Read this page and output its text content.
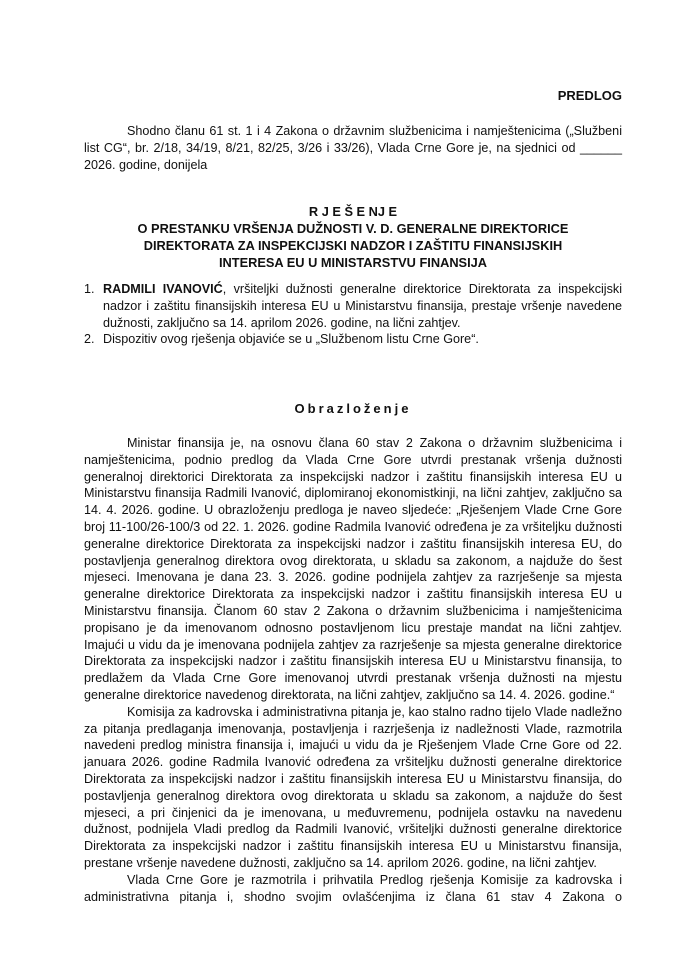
PREDLOG
Shodno članu 61 st. 1 i 4 Zakona o državnim službenicima i namještenicima („Službeni list CG“, br. 2/18, 34/19, 8/21, 82/25, 3/26 i 33/26), Vlada Crne Gore je, na sjednici od ______ 2026. godine, donijela
R J E Š E NJ E
O PRESTANKU VRŠENJA DUŽNOSTI V. D. GENERALNE DIREKTORICE
DIREKTORATA ZA INSPEKCIJSKI NADZOR I ZAŠTITU FINANSIJSKIH
INTERESA EU U MINISTARSTVU FINANSIJA
1. RADMILI IVANOVIĆ, vršiteljki dužnosti generalne direktorice Direktorata za inspekcijski nadzor i zaštitu finansijskih interesa EU u Ministarstvu finansija, prestaje vršenje navedene dužnosti, zaključno sa 14. aprilom 2026. godine, na lični zahtjev.
2. Dispozitiv ovog rješenja objaviće se u „Službenom listu Crne Gore“.
Obrazloženje

Ministar finansija je, na osnovu člana 60 stav 2 Zakona o državnim službenicima i namještenicima, podnio predlog da Vlada Crne Gore utvrdi prestanak vršenja dužnosti generalnoj direktorici Direktorata za inspekcijski nadzor i zaštitu finansijskih interesa EU u Ministarstvu finansija Radmili Ivanović, diplomiranoj ekonomistkinji, na lični zahtjev, zaključno sa 14. 4. 2026. godine. U obrazloženju predloga je naveo sljedeće: „Rješenjem Vlade Crne Gore broj 11-100/26-100/3 od 22. 1. 2026. godine Radmila Ivanović određena je za vršiteljku dužnosti generalne direktorice Direktorata za inspekcijski nadzor i zaštitu finansijskih interesa EU, do postavljenja generalnog direktora ovog direktorata, u skladu sa zakonom, a najduže do šest mjeseci. Imenovana je dana 23. 3. 2026. godine podnijela zahtjev za razrješenje sa mjesta generalne direktorice Direktorata za inspekcijski nadzor i zaštitu finansijskih interesa EU u Ministarstvu finansija. Članom 60 stav 2 Zakona o državnim službenicima i namještenicima propisano je da imenovanom odnosno postavljenom licu prestaje mandat na lični zahtjev. Imajući u vidu da je imenovana podnijela zahtjev za razrješenje sa mjesta generalne direktorice Direktorata za inspekcijski nadzor i zaštitu finansijskih interesa EU u Ministarstvu finansija, to predlažem da Vlada Crne Gore imenovanoj utvrdi prestanak vršenja dužnosti na mjestu generalne direktorice navedenog direktorata, na lični zahtjev, zaključno sa 14. 4. 2026. godine.“

Komisija za kadrovska i administrativna pitanja je, kao stalno radno tijelo Vlade nadležno za pitanja predlaganja imenovanja, postavljenja i razrješenja iz nadležnosti Vlade, razmotrila navedeni predlog ministra finansija i, imajući u vidu da je Rješenjem Vlade Crne Gore od 22. januara 2026. godine Radmila Ivanović određena za vršiteljku dužnosti generalne direktorice Direktorata za inspekcijski nadzor i zaštitu finansijskih interesa EU u Ministarstvu finansija, do postavljenja generalnog direktora ovog direktorata u skladu sa zakonom, a najduže do šest mjeseci, a pri činjenici da je imenovana, u međuvremenu, podnijela ostavku na navedenu dužnost, podnijela Vladi predlog da Radmili Ivanović, vršiteljki dužnosti generalne direktorice Direktorata za inspekcijski nadzor i zaštitu finansijskih interesa EU u Ministarstvu finansija, prestane vršenje navedene dužnosti, zaključno sa 14. aprilom 2026. godine, na lični zahtjev.

Vlada Crne Gore je razmotrila i prihvatila Predlog rješenja Komisije za kadrovska i administrativna pitanja i, shodno svojim ovlašćenjima iz člana 61 stav 4 Zakona o
